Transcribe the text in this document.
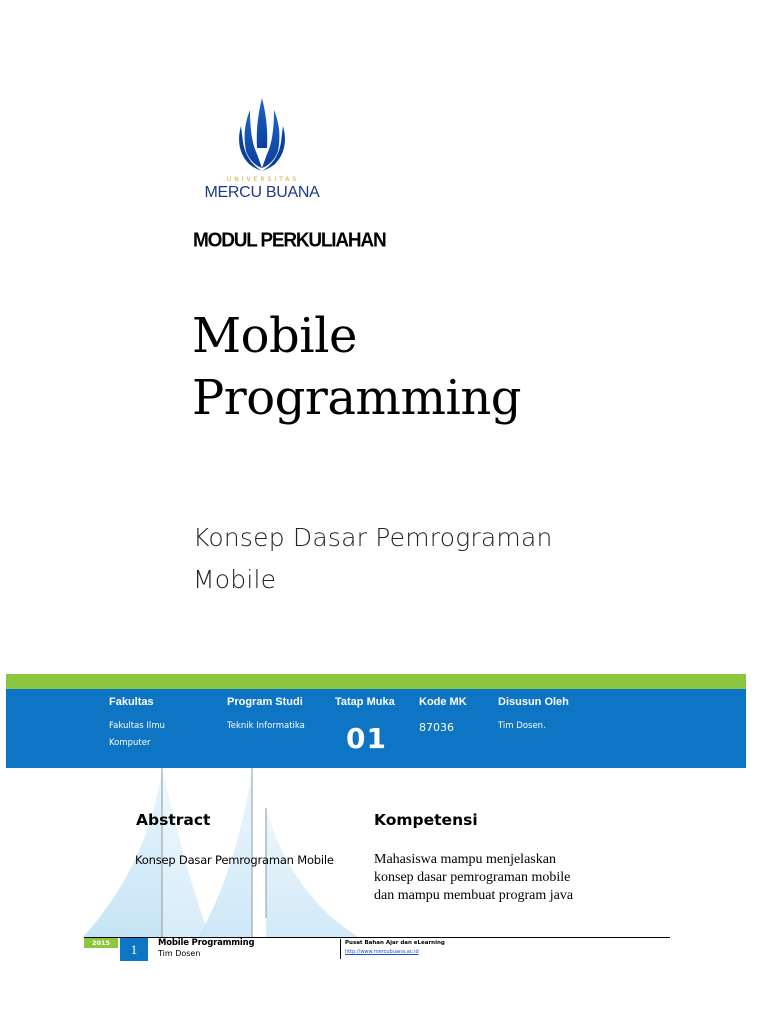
UNIVERSITAS
MERCU BUANA
MODUL PERKULIAHAN
Mobile
Programming
Konsep Dasar Pemrograman
Mobile
Fakultas
Fakultas Ilmu
Komputer
Program Studi
Teknik Informatika
Tatap Muka
01
Kode MK
87036
Disusun Oleh
Tim Dosen.
Abstract
Konsep Dasar Pemrograman Mobile
Kompetensi
Mahasiswa mampu menjelaskan
konsep dasar pemrograman mobile
dan mampu membuat program java
2015	1	Mobile Programming
Tim Dosen
Pusat Bahan Ajar dan eLearning
http://www.mercubuana.ac.id
